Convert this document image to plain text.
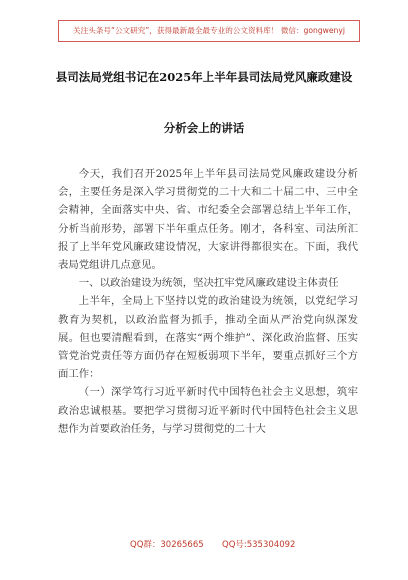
关注头条号“公文研究”，获得最新最全最专业的公文资料库！ 微信：gongwenyj
县司法局党组书记在2025年上半年县司法局党风廉政建设
分析会上的讲话

今天，我们召开2025年上半年县司法局党风廉政建设分析会，主要任务是深入学习贯彻党的二十大和二十届二中、三中全会精神，全面落实中央、省、市纪委全会部署总结上半年工作，分析当前形势，部署下半年重点任务。刚才，各科室、司法所汇报了上半年党风廉政建设情况，大家讲得都很实在。下面，我代表局党组讲几点意见。

一、以政治建设为统领，坚决扛牢党风廉政建设主体责任

上半年，全局上下坚持以党的政治建设为统领，以党纪学习教育为契机，以政治监督为抓手，推动全面从严治党向纵深发展。但也要清醒看到，在落实“两个维护”、深化政治监督、压实管党治党责任等方面仍存在短板弱项下半年，要重点抓好三个方面工作：

（一）深学笃行习近平新时代中国特色社会主义思想，筑牢政治忠诚根基。要把学习贯彻习近平新时代中国特色社会主义思想作为首要政治任务，与学习贯彻党的二十大

QQ群：30265665 QQ号:535304092
